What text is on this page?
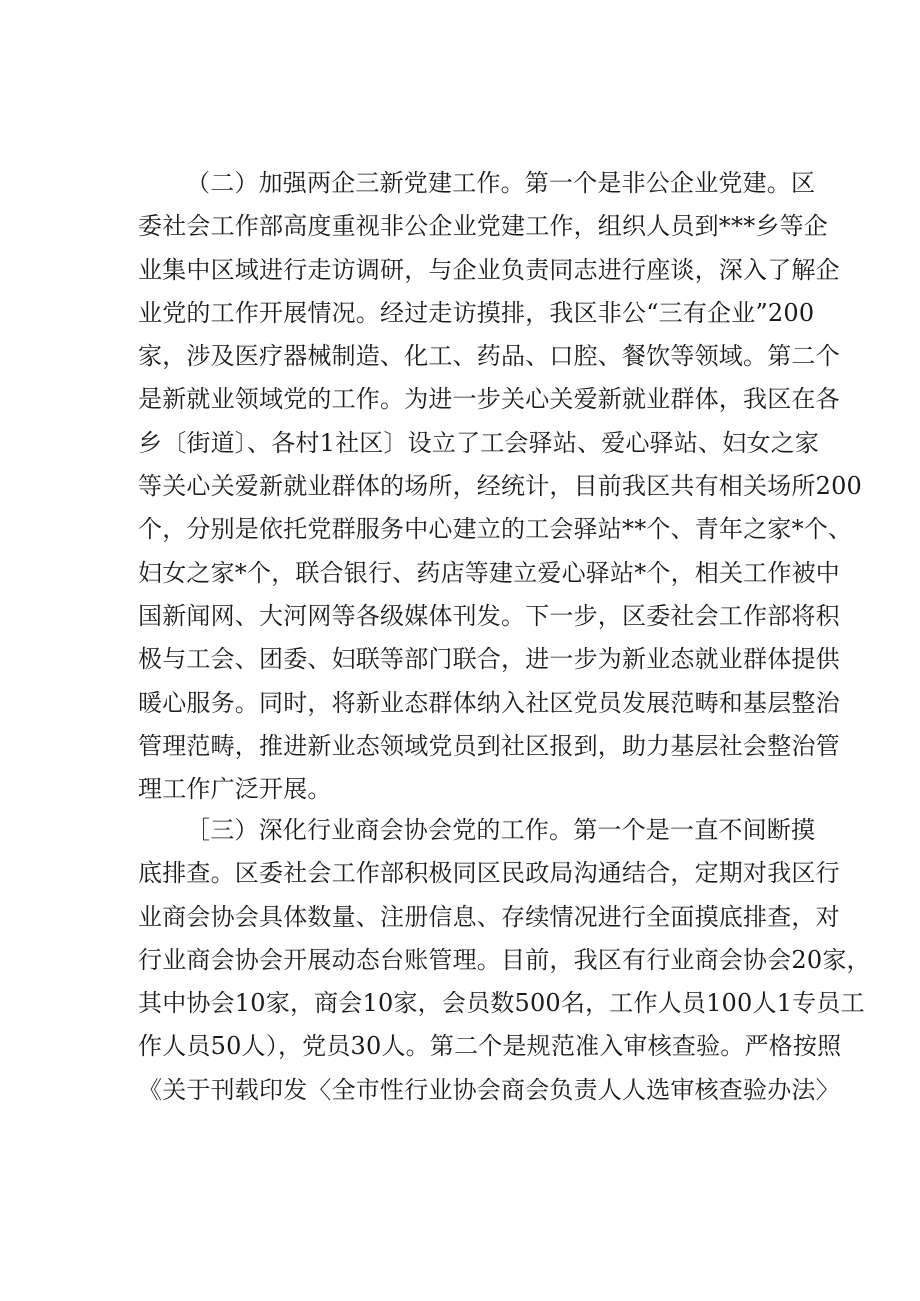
（二）加强两企三新党建工作。第一个是非公企业党建。区
委社会工作部高度重视非公企业党建工作，组织人员到***乡等企
业集中区域进行走访调研，与企业负责同志进行座谈，深入了解企
业党的工作开展情况。经过走访摸排，我区非公“三有企业”200
家，涉及医疗器械制造、化工、药品、口腔、餐饮等领域。第二个
是新就业领域党的工作。为进一步关心关爱新就业群体，我区在各
乡〔街道〕、各村1社区〕设立了工会驿站、爱心驿站、妇女之家
等关心关爱新就业群体的场所，经统计，目前我区共有相关场所200
个，分别是依托党群服务中心建立的工会驿站**个、青年之家*个、
妇女之家*个，联合银行、药店等建立爱心驿站*个，相关工作被中
国新闻网、大河网等各级媒体刊发。下一步，区委社会工作部将积
极与工会、团委、妇联等部门联合，进一步为新业态就业群体提供
暖心服务。同时，将新业态群体纳入社区党员发展范畴和基层整治
管理范畴，推进新业态领域党员到社区报到，助力基层社会整治管
理工作广泛开展。
［三）深化行业商会协会党的工作。第一个是一直不间断摸
底排查。区委社会工作部积极同区民政局沟通结合，定期对我区行
业商会协会具体数量、注册信息、存续情况进行全面摸底排查，对
行业商会协会开展动态台账管理。目前，我区有行业商会协会20家，
其中协会10家，商会10家，会员数500名，工作人员100人1专员工
作人员50人），党员30人。第二个是规范准入审核查验。严格按照
《关于刊载印发〈全市性行业协会商会负责人人选审核查验办法〉
